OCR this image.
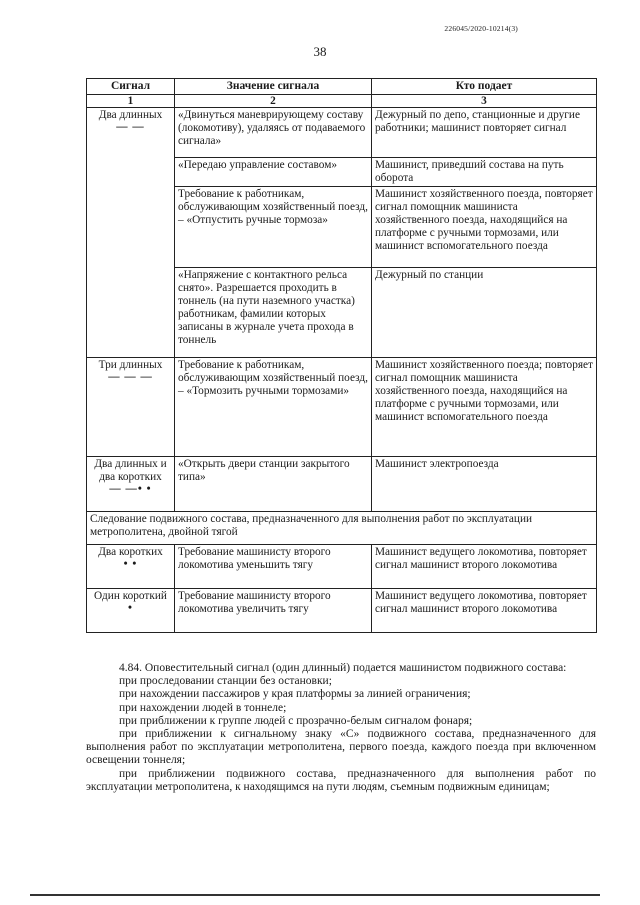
226045/2020-10214(3)
38
Сигнал	Значение сигнала	Кто подает
1	2	3
Два длинных
— —	«Двинуться маневрирующему составу (локомотиву), удаляясь от подаваемого сигнала»	Дежурный по депо, станционные и другие работники; машинист повторяет сигнал
	«Передаю управление составом»	Машинист, приведший состава на путь оборота
	Требование к работникам, обслуживающим хозяйственный поезд, – «Отпустить ручные тормоза»	Машинист хозяйственного поезда, повторяет сигнал помощник машиниста хозяйственного поезда, находящийся на платформе с ручными тормозами, или машинист вспомогательного поезда
	«Напряжение с контактного рельса снято». Разрешается проходить в тоннель (на пути наземного участка) работникам, фамилии которых записаны в журнале учета прохода в тоннель	Дежурный по станции
Три длинных
— — —	Требование к работникам, обслуживающим хозяйственный поезд, – «Тормозить ручными тормозами»	Машинист хозяйственного поезда; повторяет сигнал помощник машиниста хозяйственного поезда, находящийся на платформе с ручными тормозами, или машинист вспомогательного поезда
Два длинных и два коротких
— —• •	«Открыть двери станции закрытого типа»	Машинист электропоезда
Следование подвижного состава, предназначенного для выполнения работ по эксплуатации метрополитена, двойной тягой		
Два коротких
• •	Требование машинисту второго локомотива уменьшить тягу	Машинист ведущего локомотива, повторяет сигнал машинист второго локомотива
Один короткий
•	Требование машинисту второго локомотива увеличить тягу	Машинист ведущего локомотива, повторяет сигнал машинист второго локомотива

4.84. Оповестительный сигнал (один длинный) подается машинистом подвижного состава:

при проследовании станции без остановки;

при нахождении пассажиров у края платформы за линией ограничения;

при нахождении людей в тоннеле;

при приближении к группе людей с прозрачно-белым сигналом фонаря;

при приближении к сигнальному знаку «С» подвижного состава, предназначенного для выполнения работ по эксплуатации метрополитена, первого поезда, каждого поезда при включенном освещении тоннеля;

при приближении подвижного состава, предназначенного для выполнения работ по эксплуатации метрополитена, к находящимся на пути людям, съемным подвижным единицам;
